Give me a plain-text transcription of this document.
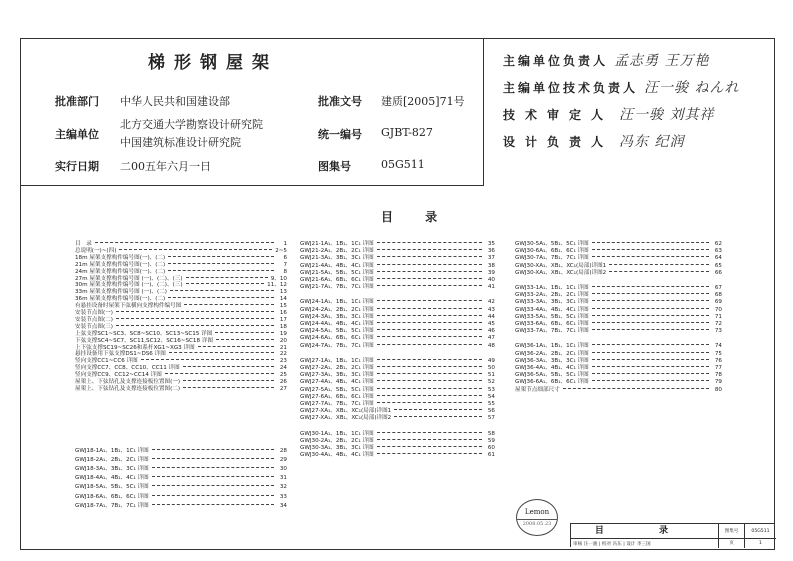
梯形钢屋架
批准部门 中华人民共和国建设部
主编单位
北方交通大学勘察设计研究院
中国建筑标准设计研究院
实行日期 二00五年六月一日
批准文号 建质[2005]71号
统一编号 GJBT-827
图集号	05G511
主编单位负责人 孟志勇 王万艳
主编单位技术负责人 汪一骏 ねんれ
技术审定人 汪一骏 刘其祥
设计负责人 冯东 纪润
目 录
目　录	1
总说明(一)~(四)	2~5
18m 屋架支撑构件编号图(一)、(二)	6
21m 屋架支撑构件编号图(一)、(二)	7
24m 屋架支撑构件编号图(一)、(二)	8
27m 屋架支撑构件编号图 (一)、(二)、(三)	9、10
30m 屋架支撑构件编号图 (一)、(二)、(三)	11、12
33m 屋架支撑构件编号图 (一)、(二)	13
36m 屋架支撑构件编号图(一)、(二)	14
有悬挂设备时屋架下弦横向支撑构件编号图	15
安装节点图(一)	16
安装节点图(二)	17
安装节点图(三)	18
上弦支撑SC1~SC3、SC8~SC10、SC13~SC15 详图	19
下弦支撑SC4~SC7、SC11,SC12、SC16~SC18 详图	20
上下弦支撑SC19~SC26和系杆XG1~XG3 详图	21
悬挂设备用下弦支撑DS1~DS6 详图	22
竖向支撑CC1~CC6 详图	23
竖向支撑CC7、CC8、CC10、CC11 详图	24
竖向支撑CC9、CC12~CC14 详图	25
屋架上、下弦钻孔及支撑连接板位置图(一)	26
屋架上、下弦钻孔及支撑连接板位置图(二)	27
GWJ18-1A₁、1B₁、1C₁ 详图	28
GWJ18-2A₁、2B₁、2C₁ 详图	29
GWJ18-3A₁、3B₁、3C₁ 详图	30
GWJ18-4A₁、4B₁、4C₁ 详图	31
GWJ18-5A₁、5B₁、5C₁ 详图	32
GWJ18-6A₁、6B₁、6C₁ 详图	33
GWJ18-7A₁、7B₁、7C₁ 详图	34
GWJ21-1A₁、1B₁、1C₁ 详图	35
GWJ21-2A₁、2B₁、2C₁ 详图	36
GWJ21-3A₁、3B₁、3C₁ 详图	37
GWJ21-4A₁、4B₁、4C₁ 详图	38
GWJ21-5A₁、5B₁、5C₁ 详图	39
GWJ21-6A₁、6B₁、6C₁ 详图	40
GWJ21-7A₁、7B₁、7C₁ 详图	41
GWJ24-1A₁、1B₁、1C₁ 详图	42
GWJ24-2A₁、2B₁、2C₁ 详图	43
GWJ24-3A₁、3B₁、3C₁ 详图	44
GWJ24-4A₁、4B₁、4C₁ 详图	45
GWJ24-5A₁、5B₁、5C₁ 详图	46
GWJ24-6A₁、6B₁、6C₁ 详图	47
GWJ24-7A₁、7B₁、7C₁ 详图	48
GWJ27-1A₁、1B₁、1C₁ 详图	49
GWJ27-2A₁、2B₁、2C₁ 详图	50
GWJ27-3A₁、3B₁、3C₁ 详图	51
GWJ27-4A₁、4B₁、4C₁ 详图	52
GWJ27-5A₁、5B₁、5C₁ 详图	53
GWJ27-6A₁、6B₁、6C₁ 详图	54
GWJ27-7A₁、7B₁、7C₁ 详图	55
GWJ27-XA₁、XB₁、XC₁(局部)详图1	56
GWJ27-XA₁、XB₁、XC₁(局部)详图2	57
GWJ30-1A₁、1B₁、1C₁ 详图	58
GWJ30-2A₁、2B₁、2C₁ 详图	59
GWJ30-3A₁、3B₁、3C₁ 详图	60
GWJ30-4A₁、4B₁、4C₁ 详图	61
GWJ30-5A₁、5B₁、5C₁ 详图	62
GWJ30-6A₁、6B₁、6C₁ 详图	63
GWJ30-7A₁、7B₁、7C₁ 详图	64
GWJ30-XA₁、XB₁、XC₁(局部)详图1	65
GWJ30-XA₁、XB₁、XC₁(局部)详图2	66
GWJ33-1A₁、1B₁、1C₁ 详图	67
GWJ33-2A₁、2B₁、2C₁ 详图	68
GWJ33-3A₁、3B₁、3C₁ 详图	69
GWJ33-4A₁、4B₁、4C₁ 详图	70
GWJ33-5A₁、5B₁、5C₁ 详图	71
GWJ33-6A₁、6B₁、6C₁ 详图	72
GWJ33-7A₁、7B₁、7C₁ 详图	73
GWJ36-1A₁、1B₁、1C₁ 详图	74
GWJ36-2A₁、2B₁、2C₁ 详图	75
GWJ36-3A₁、3B₁、3C₁ 详图	76
GWJ36-4A₁、4B₁、4C₁ 详图	77
GWJ36-5A₁、5B₁、5C₁ 详图	78
GWJ36-6A₁、6B₁、6C₁ 详图	79
屋架节点细部尺寸	80
Lemon
2008.05.23
目 录
审核 汪一骏 | 校对 冯东 | 设计 李三国
图集号	05G511
页	1
